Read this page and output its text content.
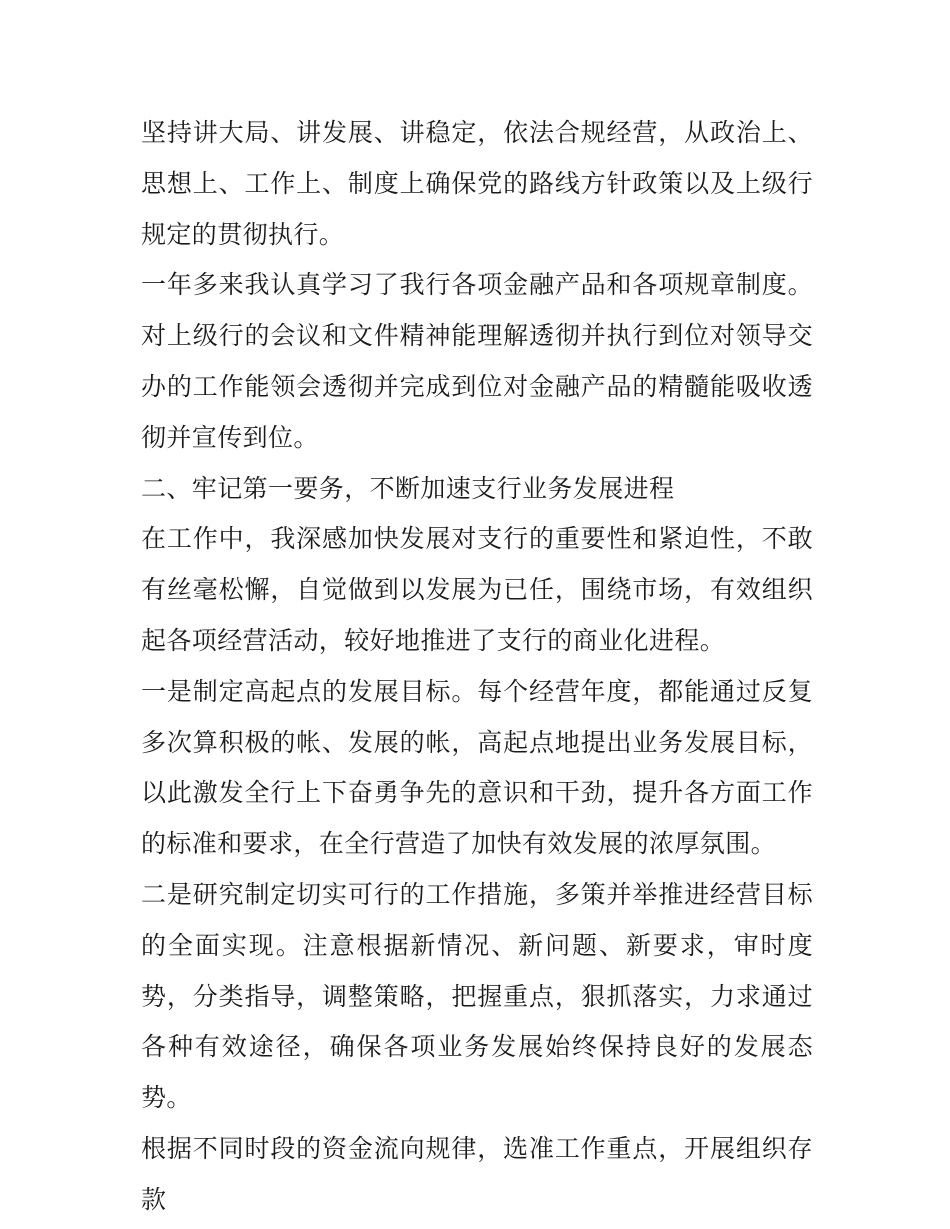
坚持讲大局、讲发展、讲稳定，依法合规经营，从政治上、思想上、工作上、制度上确保党的路线方针政策以及上级行规定的贯彻执行。

一年多来我认真学习了我行各项金融产品和各项规章制度。对上级行的会议和文件精神能理解透彻并执行到位对领导交办的工作能领会透彻并完成到位对金融产品的精髓能吸收透彻并宣传到位。

二、牢记第一要务，不断加速支行业务发展进程

在工作中，我深感加快发展对支行的重要性和紧迫性，不敢有丝毫松懈，自觉做到以发展为已任，围绕市场，有效组织起各项经营活动，较好地推进了支行的商业化进程。

一是制定高起点的发展目标。每个经营年度，都能通过反复多次算积极的帐、发展的帐，高起点地提出业务发展目标，以此激发全行上下奋勇争先的意识和干劲，提升各方面工作的标准和要求，在全行营造了加快有效发展的浓厚氛围。

二是研究制定切实可行的工作措施，多策并举推进经营目标的全面实现。注意根据新情况、新问题、新要求，审时度势，分类指导，调整策略，把握重点，狠抓落实，力求通过各种有效途径，确保各项业务发展始终保持良好的发展态势。

根据不同时段的资金流向规律，选准工作重点，开展组织存款
